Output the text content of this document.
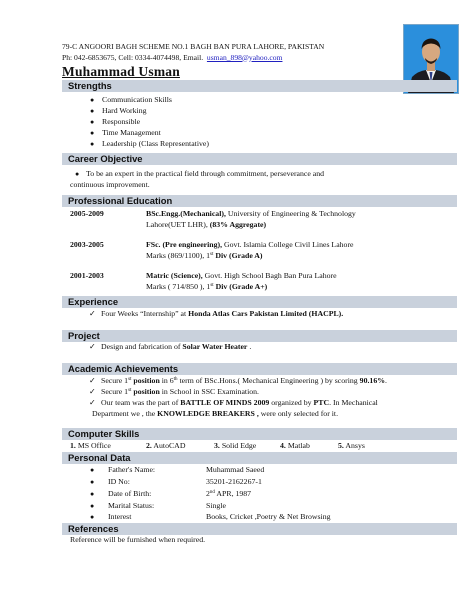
79-C ANGOORI BAGH SCHEME NO.1 BAGH BAN PURA LAHORE, PAKISTAN
Ph: 042-6853675, Cell: 0334-4074498, Email. usman_898@yahoo.com
Muhammad Usman
Strengths
● Communication Skills
● Hard Working
● Responsible
● Time Management
● Leadership (Class Representative)
Career Objective
● To be an expert in the practical field through commitment, perseverance and
continuous improvement.
Professional Education
2005-2009	BSc.Engg.(Mechanical), University of Engineering & Technology
Lahore(UET LHR), (83% Aggregate)
2003-2005	FSc. (Pre engineering), Govt. Islamia College Civil Lines Lahore
Marks (869/1100), 1st Div (Grade A)
2001-2003	Matric (Science), Govt. High School Bagh Ban Pura Lahore
Marks ( 714/850 ), 1st Div (Grade A+)
Experience
✓ Four Weeks “Internship” at Honda Atlas Cars Pakistan Limited (HACPL).
Project
✓ Design and fabrication of Solar Water Heater .
Academic Achievements
✓ Secure 1st position in 6th term of BSc.Hons.( Mechanical Engineering ) by scoring 90.16%.
✓ Secure 1st position in School in SSC Examination.
✓ Our team was the part of BATTLE OF MINDS 2009 organized by PTC. In Mechanical
Department we , the KNOWLEDGE BREAKERS , were only selected for it.
Computer Skills
1. MS Office	2. AutoCAD	3. Solid Edge	4. Matlab	5. Ansys
Personal Data
● Father's Name:	Muhammad Saeed
● ID No:	35201-2162267-1
● Date of Birth:	2nd APR, 1987
● Marital Status:	Single
● Interest	Books, Cricket ,Poetry & Net Browsing
References
Reference will be furnished when required.
